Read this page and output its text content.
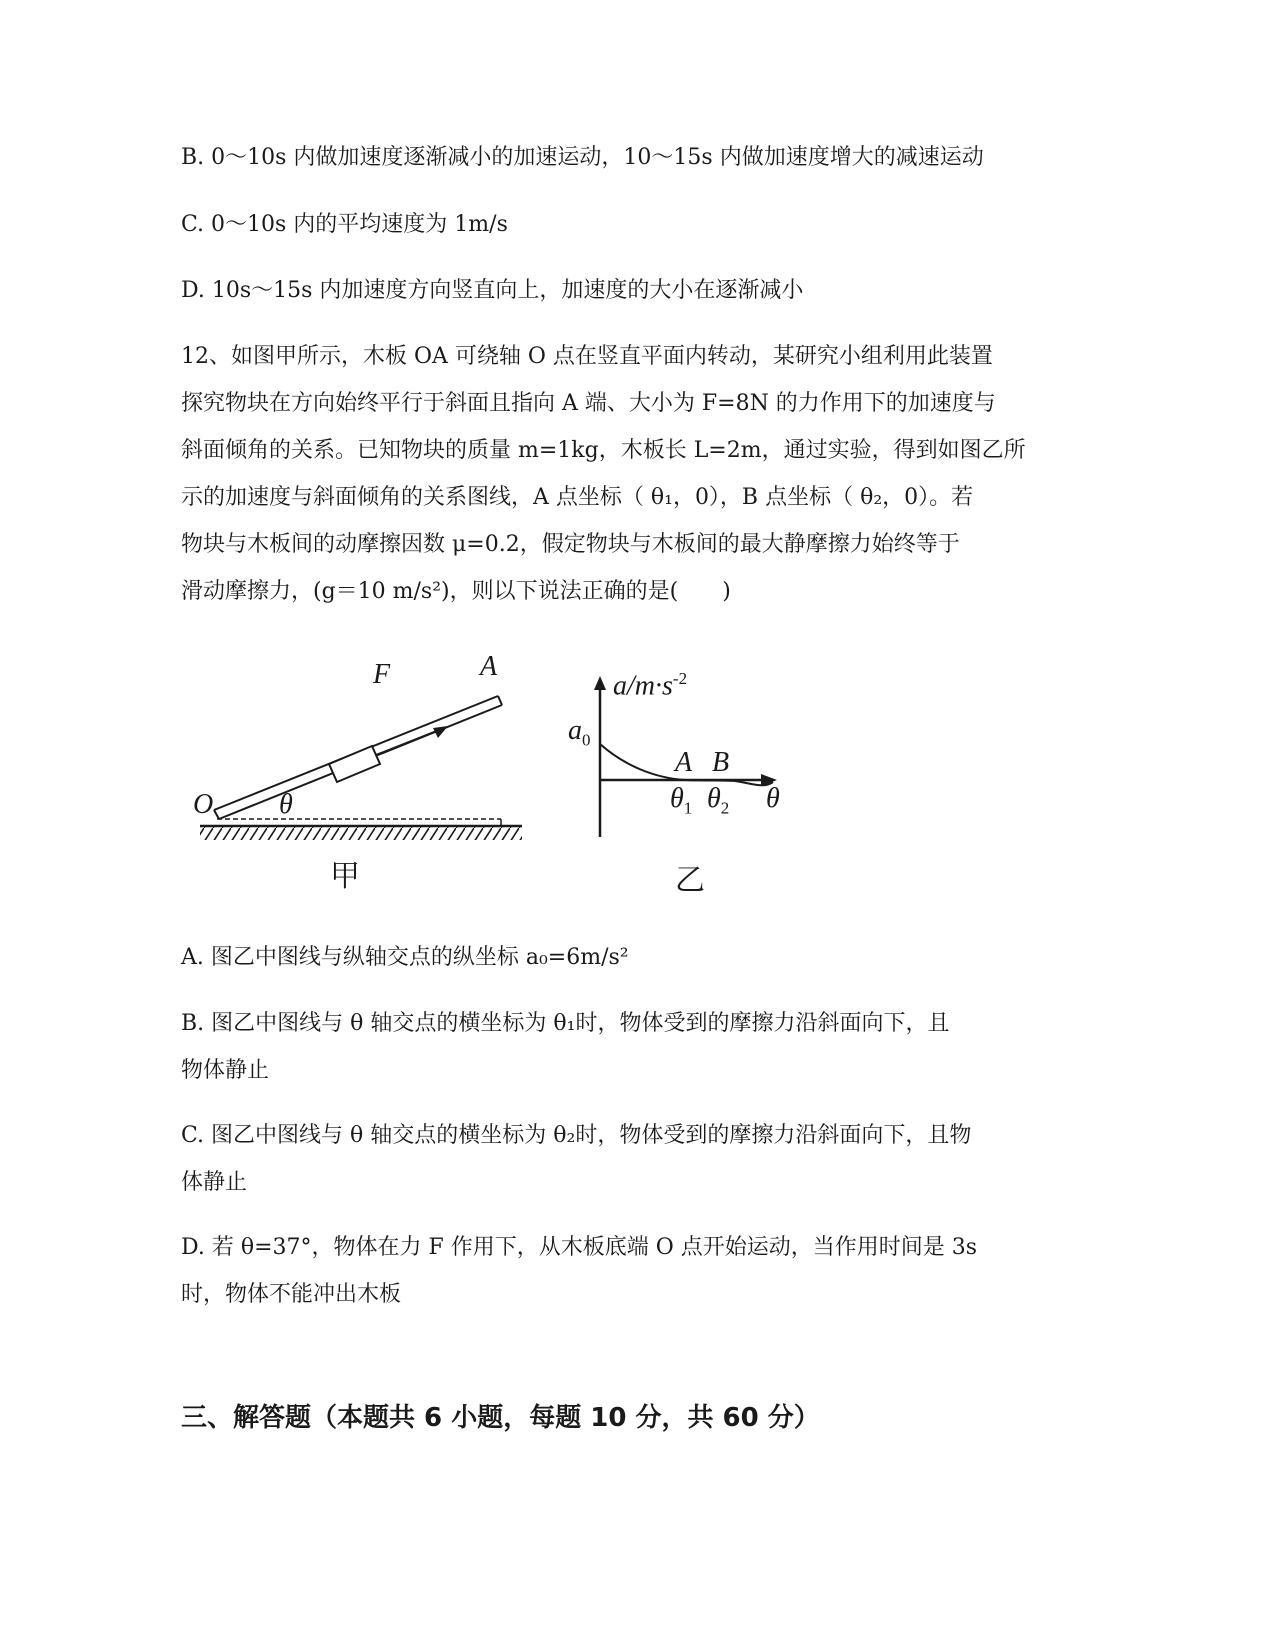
B. 0～10s 内做加速度逐渐减小的加速运动，10～15s 内做加速度增大的减速运动

C. 0～10s 内的平均速度为 1m/s

D. 10s～15s 内加速度方向竖直向上，加速度的大小在逐渐减小

12、如图甲所示，木板 OA 可绕轴 O 点在竖直平面内转动，某研究小组利用此装置
探究物块在方向始终平行于斜面且指向 A 端、大小为 F=8N 的力作用下的加速度与
斜面倾角的关系。已知物块的质量 m=1kg，木板长 L=2m，通过实验，得到如图乙所
示的加速度与斜面倾角的关系图线，A 点坐标（ θ₁，0），B 点坐标（ θ₂，0）。若
物块与木板间的动摩擦因数 μ=0.2，假定物块与木板间的最大静摩擦力始终等于
滑动摩擦力，(g＝10 m/s²)，则以下说法正确的是(　　)
F	A
O θ
甲
$a/m\cdot s^{-2}$
$a_0$
A B
$\theta_1$ $\theta_2$ θ
乙

A. 图乙中图线与纵轴交点的纵坐标 a₀=6m/s²

B. 图乙中图线与 θ 轴交点的横坐标为 θ₁时，物体受到的摩擦力沿斜面向下，且

物体静止

C. 图乙中图线与 θ 轴交点的横坐标为 θ₂时，物体受到的摩擦力沿斜面向下，且物

体静止

D. 若 θ=37°，物体在力 F 作用下，从木板底端 O 点开始运动，当作用时间是 3s

时，物体不能冲出木板

三、解答题（本题共 6 小题，每题 10 分，共 60 分）
